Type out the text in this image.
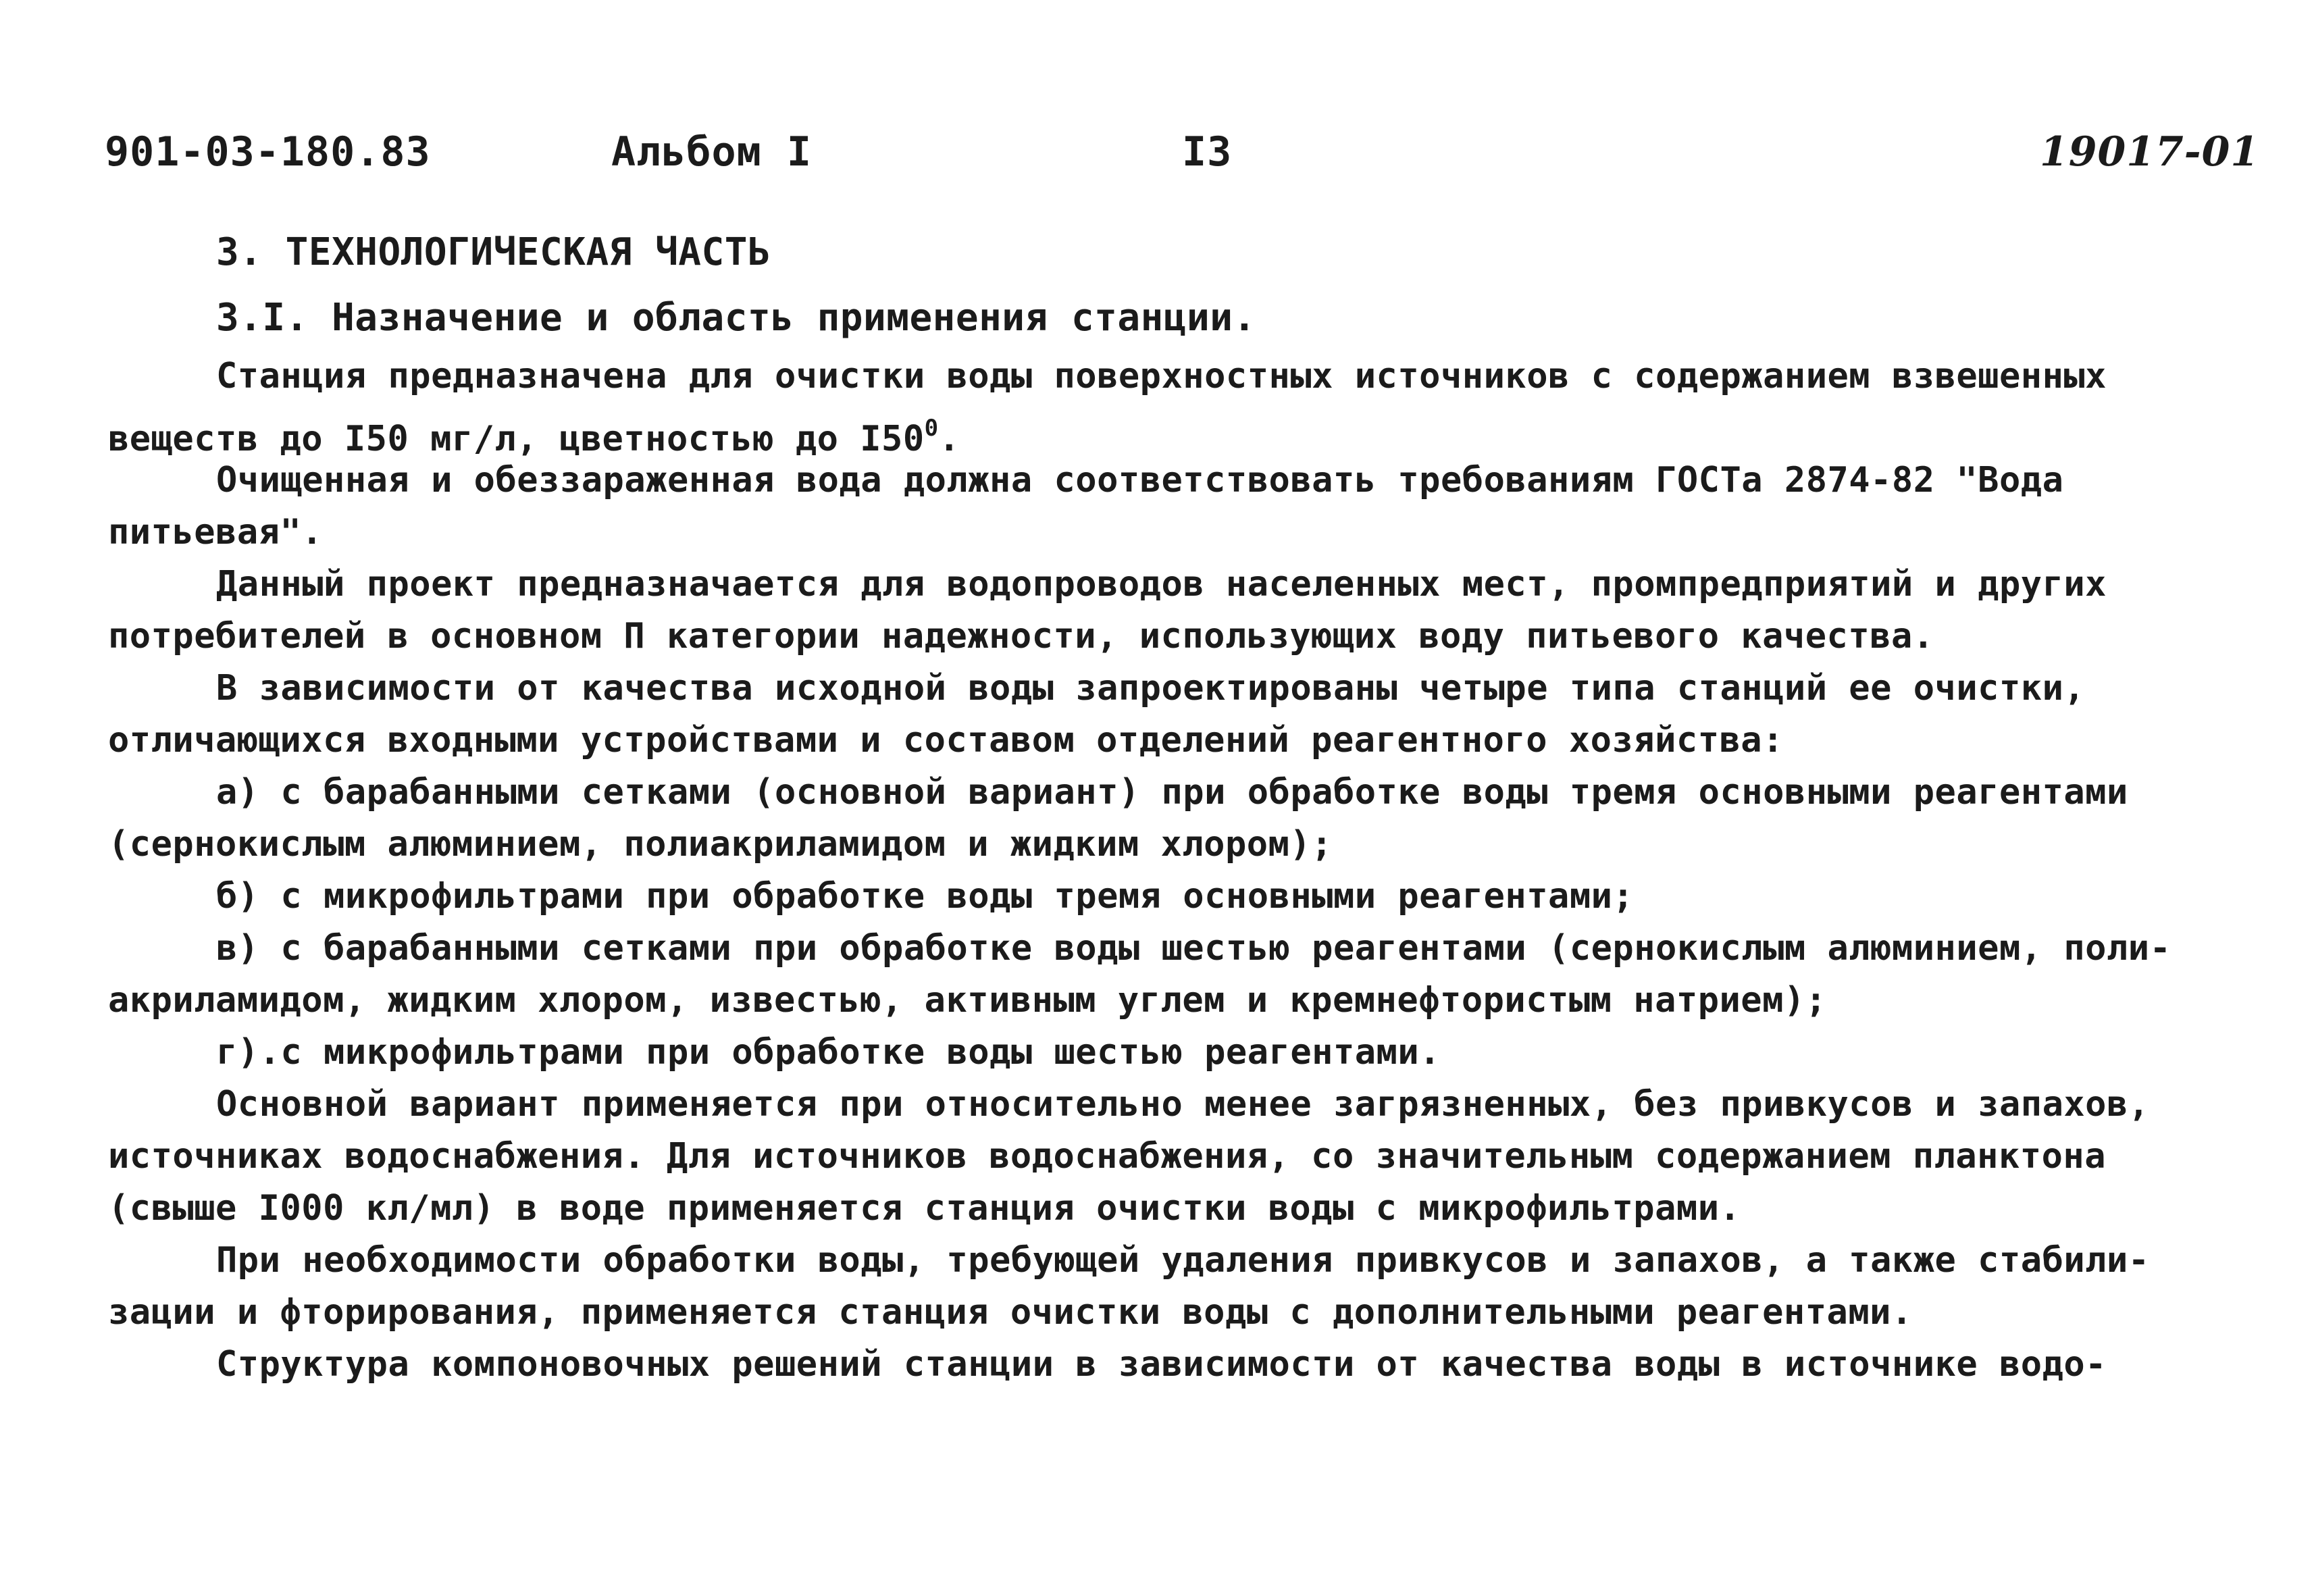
901-03-180.83	Альбом I	I3	19017-01
3. ТЕХНОЛОГИЧЕСКАЯ ЧАСТЬ
3.I. Назначение и область применения станции.
Станция предназначена для очистки воды поверхностных источников с содержанием взвешенных
веществ до I50 мг/л, цветностью до $I50^0$.
Очищенная и обеззараженная вода должна соответствовать требованиям ГОСТа 2874-82 "Вода
питьевая".
Данный проект предназначается для водопроводов населенных мест, промпредприятий и других
потребителей в основном П категории надежности, использующих воду питьевого качества.
В зависимости от качества исходной воды запроектированы четыре типа станций ее очистки,
отличающихся входными устройствами и составом отделений реагентного хозяйства:
а) с барабанными сетками (основной вариант) при обработке воды тремя основными реагентами
(сернокислым алюминием, полиакриламидом и жидким хлором);
б) с микрофильтрами при обработке воды тремя основными реагентами;
в) с барабанными сетками при обработке воды шестью реагентами (сернокислым алюминием, поли-
акриламидом, жидким хлором, известью, активным углем и кремнефтористым натрием);
г).с микрофильтрами при обработке воды шестью реагентами.
Основной вариант применяется при относительно менее загрязненных, без привкусов и запахов,
источниках водоснабжения. Для источников водоснабжения, со значительным содержанием планктона
(свыше I000 кл/мл) в воде применяется станция очистки воды с микрофильтрами.
При необходимости обработки воды, требующей удаления привкусов и запахов, а также стабили-
зации и фторирования, применяется станция очистки воды с дополнительными реагентами.
Структура компоновочных решений станции в зависимости от качества воды в источнике водо-
